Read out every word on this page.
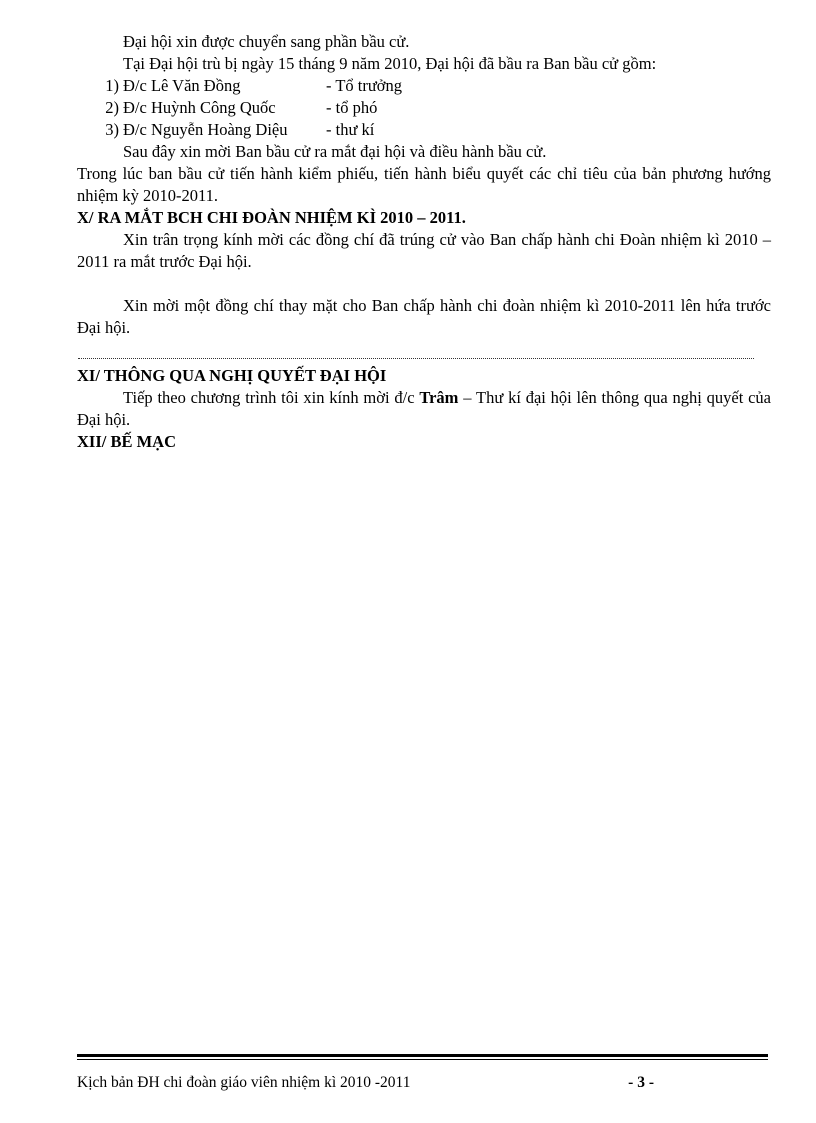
Đại hội xin được chuyển sang phần bầu cử.

Tại Đại hội trù bị ngày 15 tháng 9 năm 2010, Đại hội đã bầu ra Ban bầu cử gồm:

1) Đ/c Lê Văn Đồng	- Tổ trưởng
2) Đ/c Huỳnh Công Quốc	- tổ phó
3) Đ/c Nguyễn Hoàng Diệu	- thư kí

Sau đây xin mời Ban bầu cử ra mắt đại hội và điều hành bầu cử.

Trong lúc ban bầu cử tiến hành kiểm phiếu, tiến hành biểu quyết các chỉ tiêu của bản phương hướng nhiệm kỳ 2010-2011.

X/ RA MẮT BCH CHI ĐOÀN NHIỆM KÌ 2010 – 2011.

Xin trân trọng kính mời các đồng chí đã trúng cử vào Ban chấp hành chi Đoàn nhiệm kì 2010 – 2011 ra mắt trước Đại hội.

Xin mời một đồng chí thay mặt cho Ban chấp hành chi đoàn nhiệm kì 2010-2011 lên hứa trước Đại hội.

XI/ THÔNG QUA NGHỊ QUYẾT ĐẠI HỘI

Tiếp theo chương trình tôi xin kính mời đ/c Trâm – Thư kí đại hội lên thông qua nghị quyết của Đại hội.

XII/ BẾ MẠC

Kịch bản ĐH chi đoàn giáo viên nhiệm kì 2010 -2011	- 3 -
